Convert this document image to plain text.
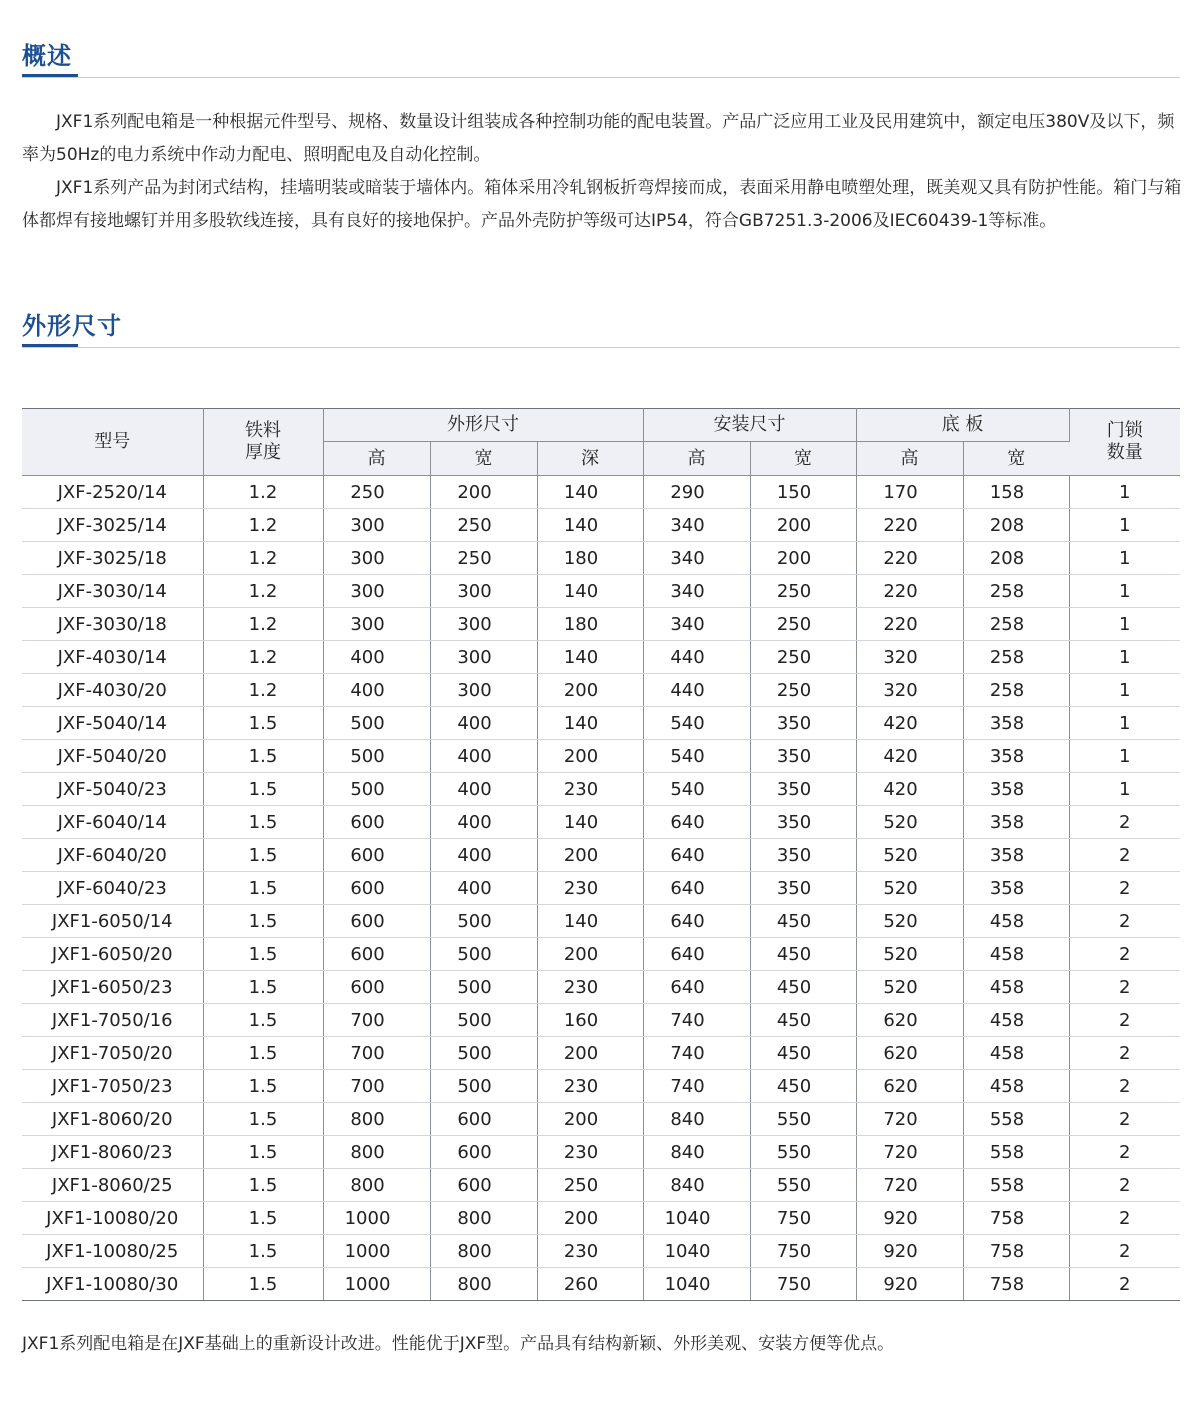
概述

JXF1系列配电箱是一种根据元件型号、规格、数量设计组装成各种控制功能的配电装置。产品广泛应用工业及民用建筑中，额定电压380V及以下，频率为50Hz的电力系统中作动力配电、照明配电及自动化控制。

JXF1系列产品为封闭式结构，挂墙明装或暗装于墙体内。箱体采用冷轧钢板折弯焊接而成，表面采用静电喷塑处理，既美观又具有防护性能。箱门与箱体都焊有接地螺钉并用多股软线连接，具有良好的接地保护。产品外壳防护等级可达IP54，符合GB7251.3-2006及IEC60439-1等标准。

外形尺寸
型号	铁料厚度	外形尺寸			安装尺寸		底 板		门锁数量
		高	宽	深	高	宽	高	宽	
JXF-2520/14	1.2	250	200	140	290	150	170	158	1
JXF-3025/14	1.2	300	250	140	340	200	220	208	1
JXF-3025/18	1.2	300	250	180	340	200	220	208	1
JXF-3030/14	1.2	300	300	140	340	250	220	258	1
JXF-3030/18	1.2	300	300	180	340	250	220	258	1
JXF-4030/14	1.2	400	300	140	440	250	320	258	1
JXF-4030/20	1.2	400	300	200	440	250	320	258	1
JXF-5040/14	1.5	500	400	140	540	350	420	358	1
JXF-5040/20	1.5	500	400	200	540	350	420	358	1
JXF-5040/23	1.5	500	400	230	540	350	420	358	1
JXF-6040/14	1.5	600	400	140	640	350	520	358	2
JXF-6040/20	1.5	600	400	200	640	350	520	358	2
JXF-6040/23	1.5	600	400	230	640	350	520	358	2
JXF1-6050/14	1.5	600	500	140	640	450	520	458	2
JXF1-6050/20	1.5	600	500	200	640	450	520	458	2
JXF1-6050/23	1.5	600	500	230	640	450	520	458	2
JXF1-7050/16	1.5	700	500	160	740	450	620	458	2
JXF1-7050/20	1.5	700	500	200	740	450	620	458	2
JXF1-7050/23	1.5	700	500	230	740	450	620	458	2
JXF1-8060/20	1.5	800	600	200	840	550	720	558	2
JXF1-8060/23	1.5	800	600	230	840	550	720	558	2
JXF1-8060/25	1.5	800	600	250	840	550	720	558	2
JXF1-10080/20	1.5	1000	800	200	1040	750	920	758	2
JXF1-10080/25	1.5	1000	800	230	1040	750	920	758	2
JXF1-10080/30	1.5	1000	800	260	1040	750	920	758	2

JXF1系列配电箱是在JXF基础上的重新设计改进。性能优于JXF型。产品具有结构新颖、外形美观、安装方便等优点。
